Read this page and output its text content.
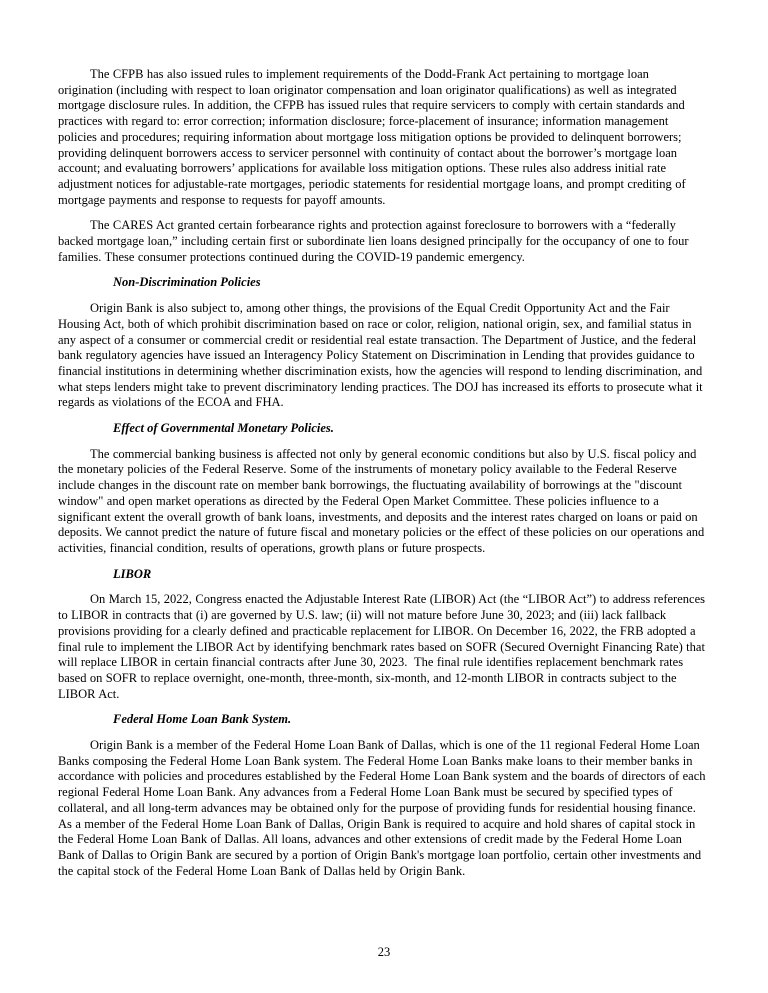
The CFPB has also issued rules to implement requirements of the Dodd-Frank Act pertaining to mortgage loan origination (including with respect to loan originator compensation and loan originator qualifications) as well as integrated mortgage disclosure rules. In addition, the CFPB has issued rules that require servicers to comply with certain standards and practices with regard to: error correction; information disclosure; force-placement of insurance; information management policies and procedures; requiring information about mortgage loss mitigation options be provided to delinquent borrowers; providing delinquent borrowers access to servicer personnel with continuity of contact about the borrower’s mortgage loan account; and evaluating borrowers’ applications for available loss mitigation options. These rules also address initial rate adjustment notices for adjustable-rate mortgages, periodic statements for residential mortgage loans, and prompt crediting of mortgage payments and response to requests for payoff amounts.

The CARES Act granted certain forbearance rights and protection against foreclosure to borrowers with a “federally backed mortgage loan,” including certain first or subordinate lien loans designed principally for the occupancy of one to four families. These consumer protections continued during the COVID-19 pandemic emergency.

Non-Discrimination Policies

Origin Bank is also subject to, among other things, the provisions of the Equal Credit Opportunity Act and the Fair Housing Act, both of which prohibit discrimination based on race or color, religion, national origin, sex, and familial status in any aspect of a consumer or commercial credit or residential real estate transaction. The Department of Justice, and the federal bank regulatory agencies have issued an Interagency Policy Statement on Discrimination in Lending that provides guidance to financial institutions in determining whether discrimination exists, how the agencies will respond to lending discrimination, and what steps lenders might take to prevent discriminatory lending practices. The DOJ has increased its efforts to prosecute what it regards as violations of the ECOA and FHA.

Effect of Governmental Monetary Policies.

The commercial banking business is affected not only by general economic conditions but also by U.S. fiscal policy and the monetary policies of the Federal Reserve. Some of the instruments of monetary policy available to the Federal Reserve include changes in the discount rate on member bank borrowings, the fluctuating availability of borrowings at the "discount window" and open market operations as directed by the Federal Open Market Committee. These policies influence to a significant extent the overall growth of bank loans, investments, and deposits and the interest rates charged on loans or paid on deposits. We cannot predict the nature of future fiscal and monetary policies or the effect of these policies on our operations and activities, financial condition, results of operations, growth plans or future prospects.

LIBOR

On March 15, 2022, Congress enacted the Adjustable Interest Rate (LIBOR) Act (the “LIBOR Act”) to address references to LIBOR in contracts that (i) are governed by U.S. law; (ii) will not mature before June 30, 2023; and (iii) lack fallback provisions providing for a clearly defined and practicable replacement for LIBOR. On December 16, 2022, the FRB adopted a final rule to implement the LIBOR Act by identifying benchmark rates based on SOFR (Secured Overnight Financing Rate) that will replace LIBOR in certain financial contracts after June 30, 2023.  The final rule identifies replacement benchmark rates based on SOFR to replace overnight, one-month, three-month, six-month, and 12-month LIBOR in contracts subject to the LIBOR Act.

Federal Home Loan Bank System.

Origin Bank is a member of the Federal Home Loan Bank of Dallas, which is one of the 11 regional Federal Home Loan Banks composing the Federal Home Loan Bank system. The Federal Home Loan Banks make loans to their member banks in accordance with policies and procedures established by the Federal Home Loan Bank system and the boards of directors of each regional Federal Home Loan Bank. Any advances from a Federal Home Loan Bank must be secured by specified types of collateral, and all long-term advances may be obtained only for the purpose of providing funds for residential housing finance. As a member of the Federal Home Loan Bank of Dallas, Origin Bank is required to acquire and hold shares of capital stock in the Federal Home Loan Bank of Dallas. All loans, advances and other extensions of credit made by the Federal Home Loan Bank of Dallas to Origin Bank are secured by a portion of Origin Bank's mortgage loan portfolio, certain other investments and the capital stock of the Federal Home Loan Bank of Dallas held by Origin Bank.

23
